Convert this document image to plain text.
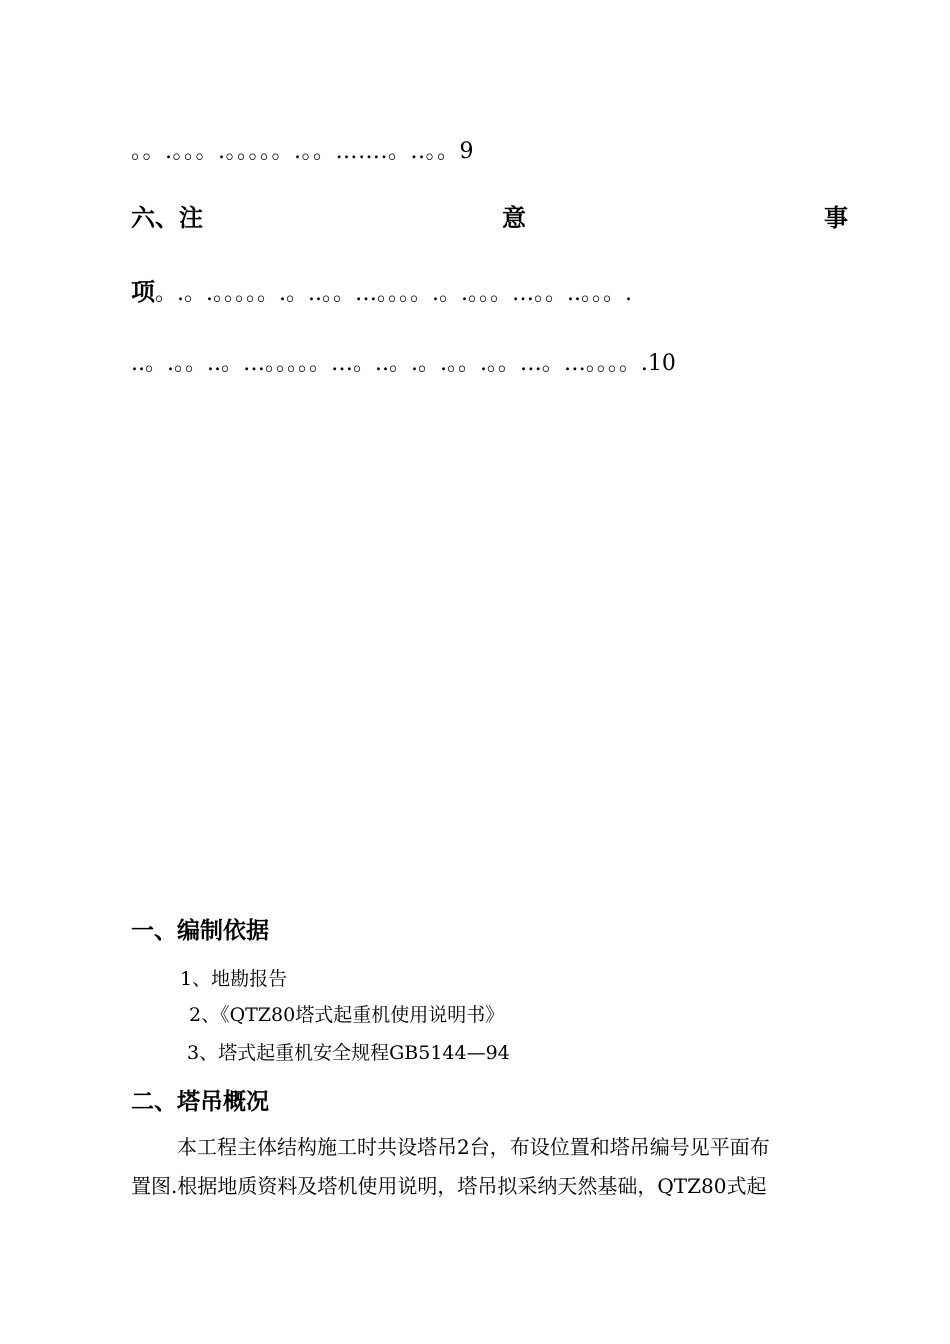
。。.。。。.。。。。。.。。…….。..。。9
六、注	意	事
项。.。.。。。。。.。..。。…。。。。.。.。。。…。。..。。。.
..。.。。..。…。。。。。…。..。.。.。。.。。…。…。。。。.10
一、编制依据
1、地勘报告
2、《QTZ80塔式起重机使用说明书》
3、塔式起重机安全规程GB5144—94
二、塔吊概况
本工程主体结构施工时共设塔吊2台，布设位置和塔吊编号见平面布
置图.根据地质资料及塔机使用说明，塔吊拟采纳天然基础，QTZ80式起
